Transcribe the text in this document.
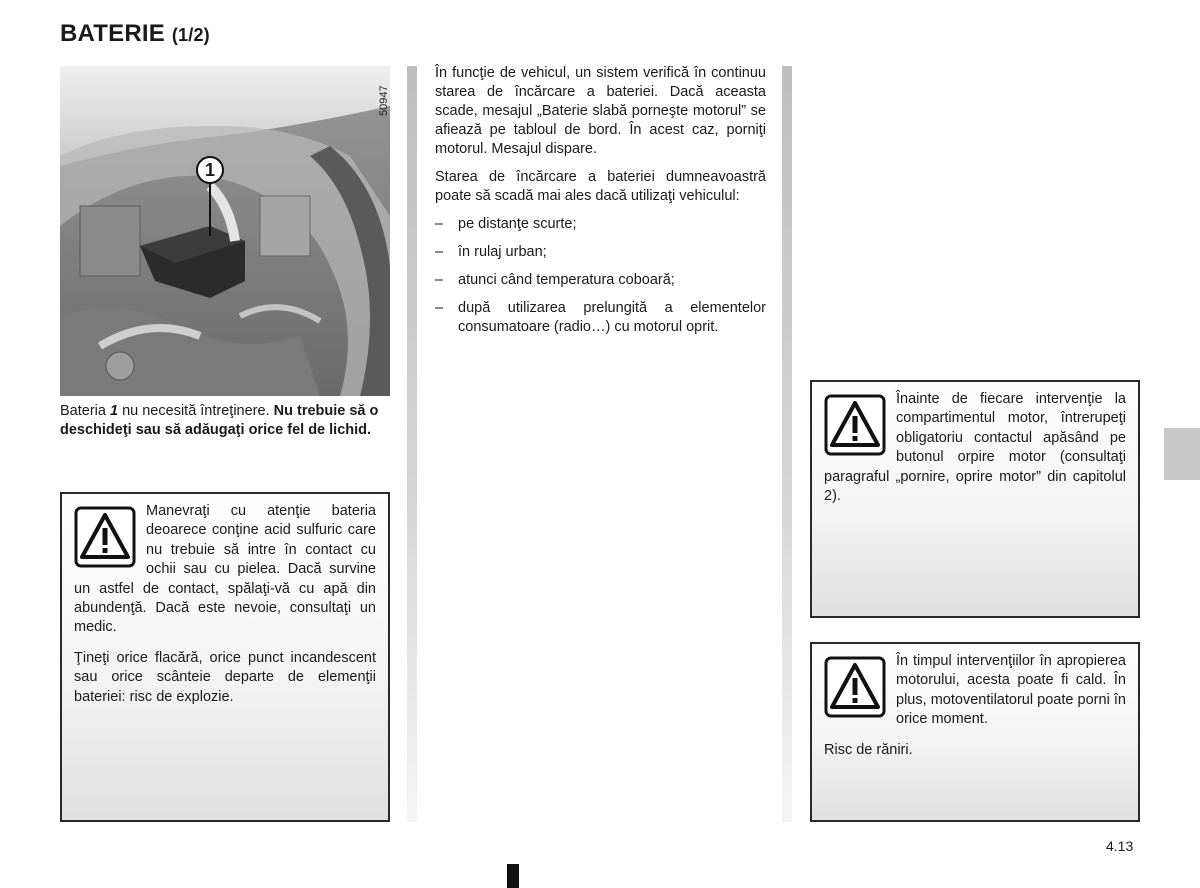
BATERIE (1/2)
1
50947
Bateria 1 nu necesită întreţinere. Nu trebuie să o deschideţi sau să adăugaţi orice fel de lichid.

Manevraţi cu atenţie bateria deoarece conţine acid sulfuric care nu trebuie să intre în contact cu ochii sau cu pielea. Dacă survine un astfel de contact, spălaţi-vă cu apă din abundenţă. Dacă este nevoie, consultaţi un medic.

Ţineţi orice flacără, orice punct incandescent sau orice scânteie departe de elemenţii bateriei: risc de explozie.

În funcţie de vehicul, un sistem verifică în continuu starea de încărcare a bateriei. Dacă aceasta scade, mesajul „Baterie slabă porneşte motorul” se afiează pe tabloul de bord. În acest caz, porniţi motorul. Mesajul dispare.

Starea de încărcare a bateriei dumneavoastră poate să scadă mai ales dacă utilizaţi vehiculul:

– pe distanţe scurte;
– în rulaj urban;
– atunci când temperatura coboară;
– după utilizarea prelungită a elementelor consumatoare (radio…) cu motorul oprit.

Înainte de fiecare intervenţie la compartimentul motor, întrerupeţi obligatoriu contactul apăsând pe butonul orpire motor (consultaţi paragraful „pornire, oprire motor” din capitolul 2).

În timpul intervenţiilor în apropierea motorului, acesta poate fi cald. În plus, motoventilatorul poate porni în orice moment.

Risc de răniri.

4.13
